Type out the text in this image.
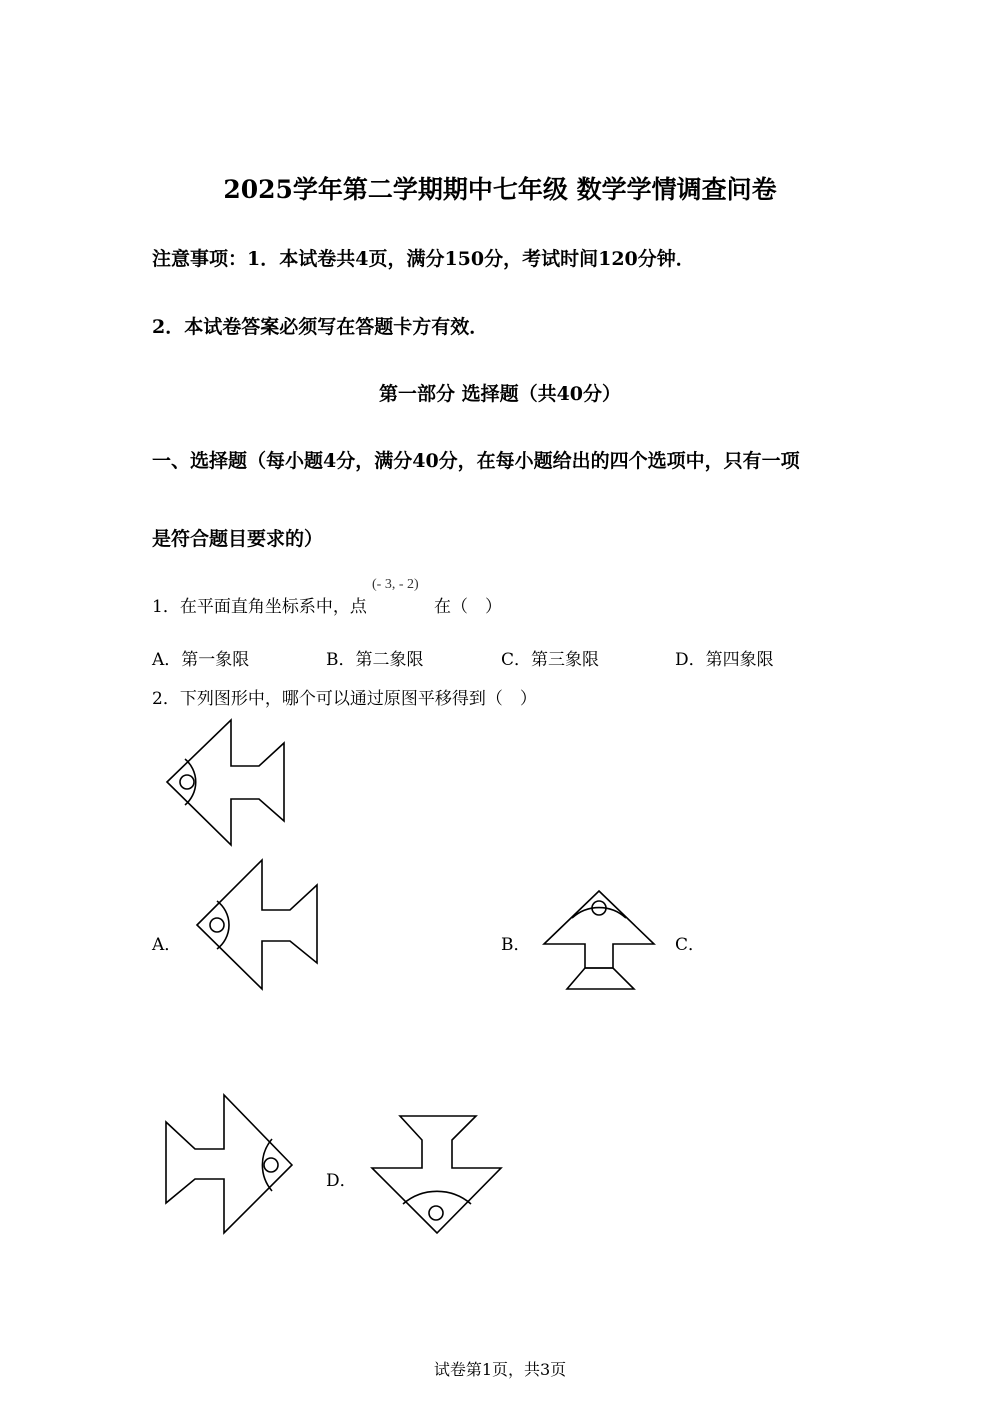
2025学年第二学期期中七年级 数学学情调查问卷
注意事项：1．本试卷共4页，满分150分，考试时间120分钟．
2．本试卷答案必须写在答题卡方有效．
第一部分 选择题（共40分）
一、选择题（每小题4分，满分40分，在每小题给出的四个选项中，只有一项
是符合题目要求的）
1．在平面直角坐标系中，点
(- 3, - 2)
在（　）
A．第一象限	B．第二象限	C．第三象限	D．第四象限
2．下列图形中，哪个可以通过原图平移得到（　）
A．	B．	C．
D．
试卷第1页，共3页
